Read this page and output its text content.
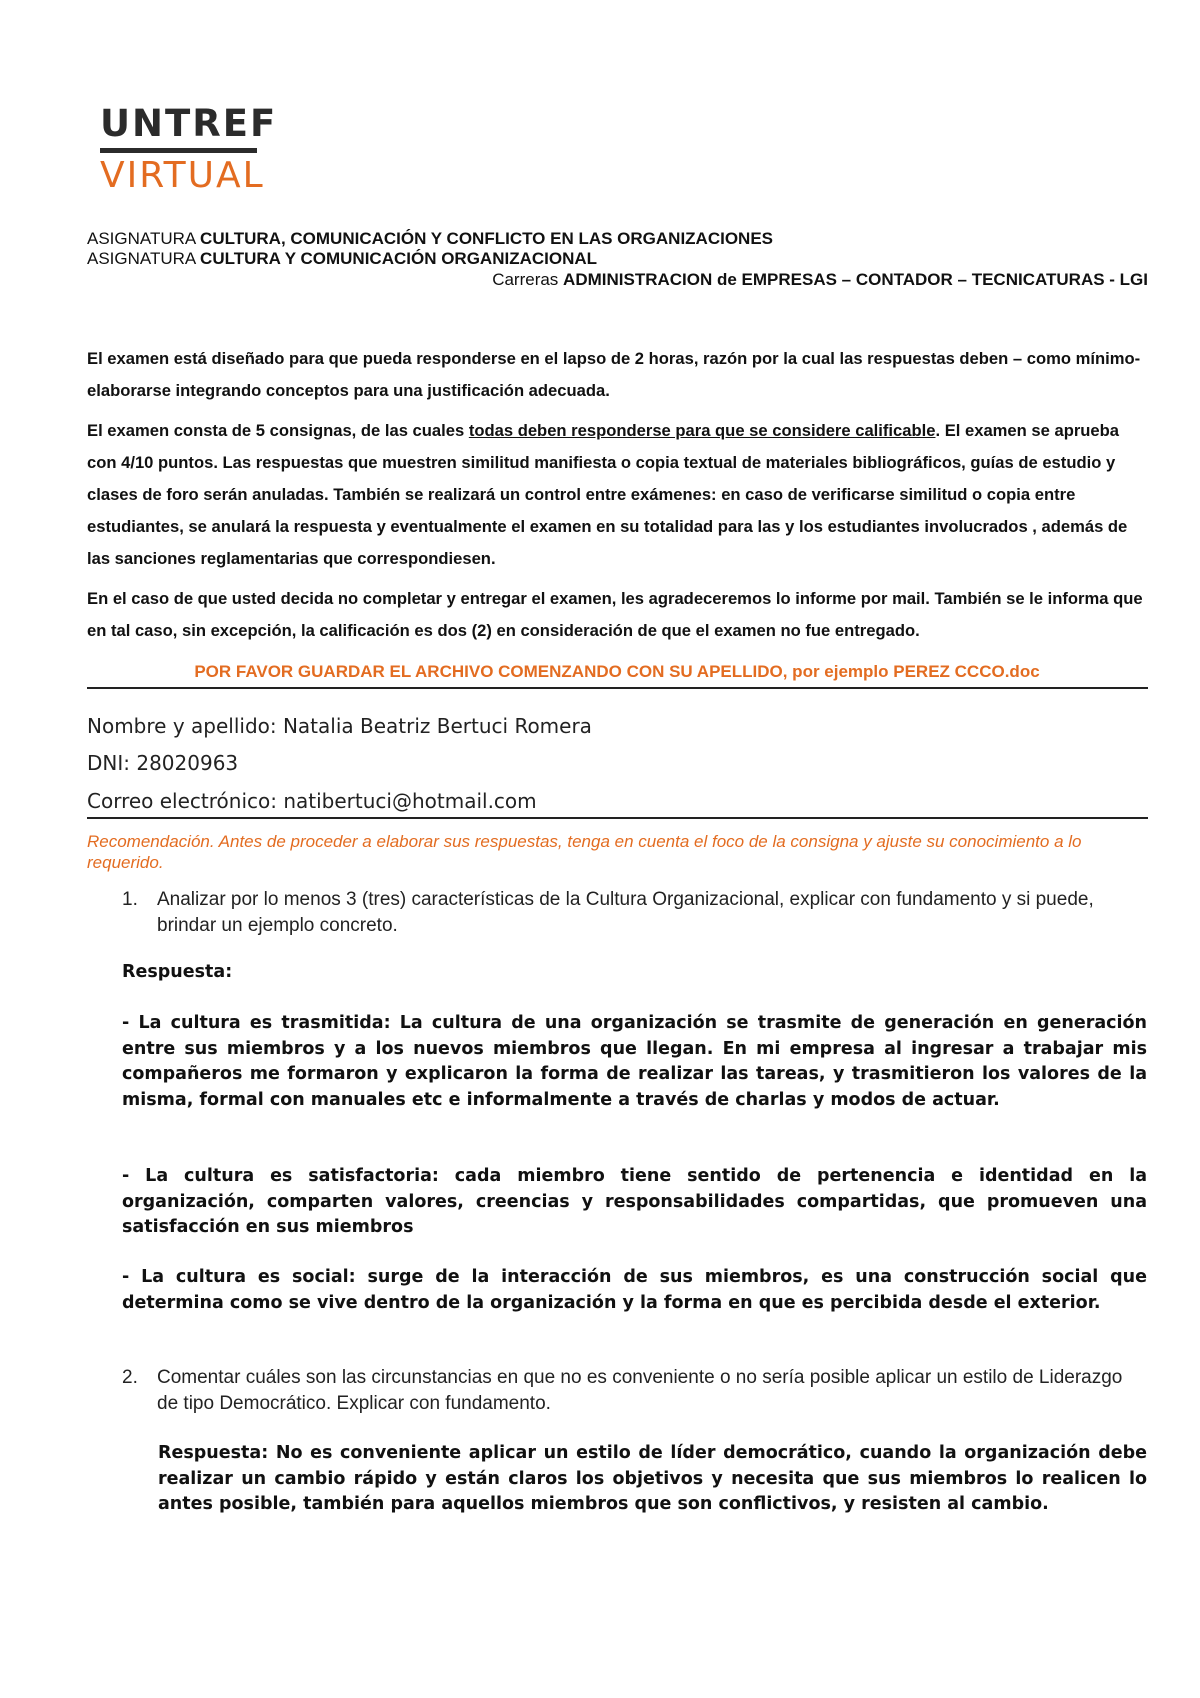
UNTREF
VIRTUAL
ASIGNATURA CULTURA, COMUNICACIÓN Y CONFLICTO EN LAS ORGANIZACIONES
ASIGNATURA CULTURA Y COMUNICACIÓN ORGANIZACIONAL
Carreras ADMINISTRACION de EMPRESAS – CONTADOR – TECNICATURAS - LGI

El examen está diseñado para que pueda responderse en el lapso de 2 horas, razón por la cual las respuestas deben – como mínimo- elaborarse integrando conceptos para una justificación adecuada.

El examen consta de 5 consignas, de las cuales todas deben responderse para que se considere calificable. El examen se aprueba con 4/10 puntos. Las respuestas que muestren similitud manifiesta o copia textual de materiales bibliográficos, guías de estudio y clases de foro serán anuladas. También se realizará un control entre exámenes: en caso de verificarse similitud o copia entre estudiantes, se anulará la respuesta y eventualmente el examen en su totalidad para las y los estudiantes involucrados , además de las sanciones reglamentarias que correspondiesen.

En el caso de que usted decida no completar y entregar el examen, les agradeceremos lo informe por mail. También se le informa que en tal caso, sin excepción, la calificación es dos (2) en consideración de que el examen no fue entregado.

POR FAVOR GUARDAR EL ARCHIVO COMENZANDO CON SU APELLIDO, por ejemplo PEREZ CCCO.doc
Nombre y apellido: Natalia Beatriz Bertuci Romera
DNI: 28020963
Correo electrónico: natibertuci@hotmail.com
Recomendación. Antes de proceder a elaborar sus respuestas, tenga en cuenta el foco de la consigna y ajuste su conocimiento a lo requerido.
1. Analizar por lo menos 3 (tres) características de la Cultura Organizacional, explicar con fundamento y si puede, brindar un ejemplo concreto.
Respuesta:
- La cultura es trasmitida: La cultura de una organización se trasmite de generación en generación entre sus miembros y a los nuevos miembros que llegan. En mi empresa al ingresar a trabajar mis compañeros me formaron y explicaron la forma de realizar las tareas, y trasmitieron los valores de la misma, formal con manuales etc e informalmente a través de charlas y modos de actuar.
- La cultura es satisfactoria: cada miembro tiene sentido de pertenencia e identidad en la organización, comparten valores, creencias y responsabilidades compartidas, que promueven una satisfacción en sus miembros
- La cultura es social: surge de la interacción de sus miembros, es una construcción social que determina como se vive dentro de la organización y la forma en que es percibida desde el exterior.
2. Comentar cuáles son las circunstancias en que no es conveniente o no sería posible aplicar un estilo de Liderazgo de tipo Democrático. Explicar con fundamento.
Respuesta: No es conveniente aplicar un estilo de líder democrático, cuando la organización debe realizar un cambio rápido y están claros los objetivos y necesita que sus miembros lo realicen lo antes posible, también para aquellos miembros que son conflictivos, y resisten al cambio.
